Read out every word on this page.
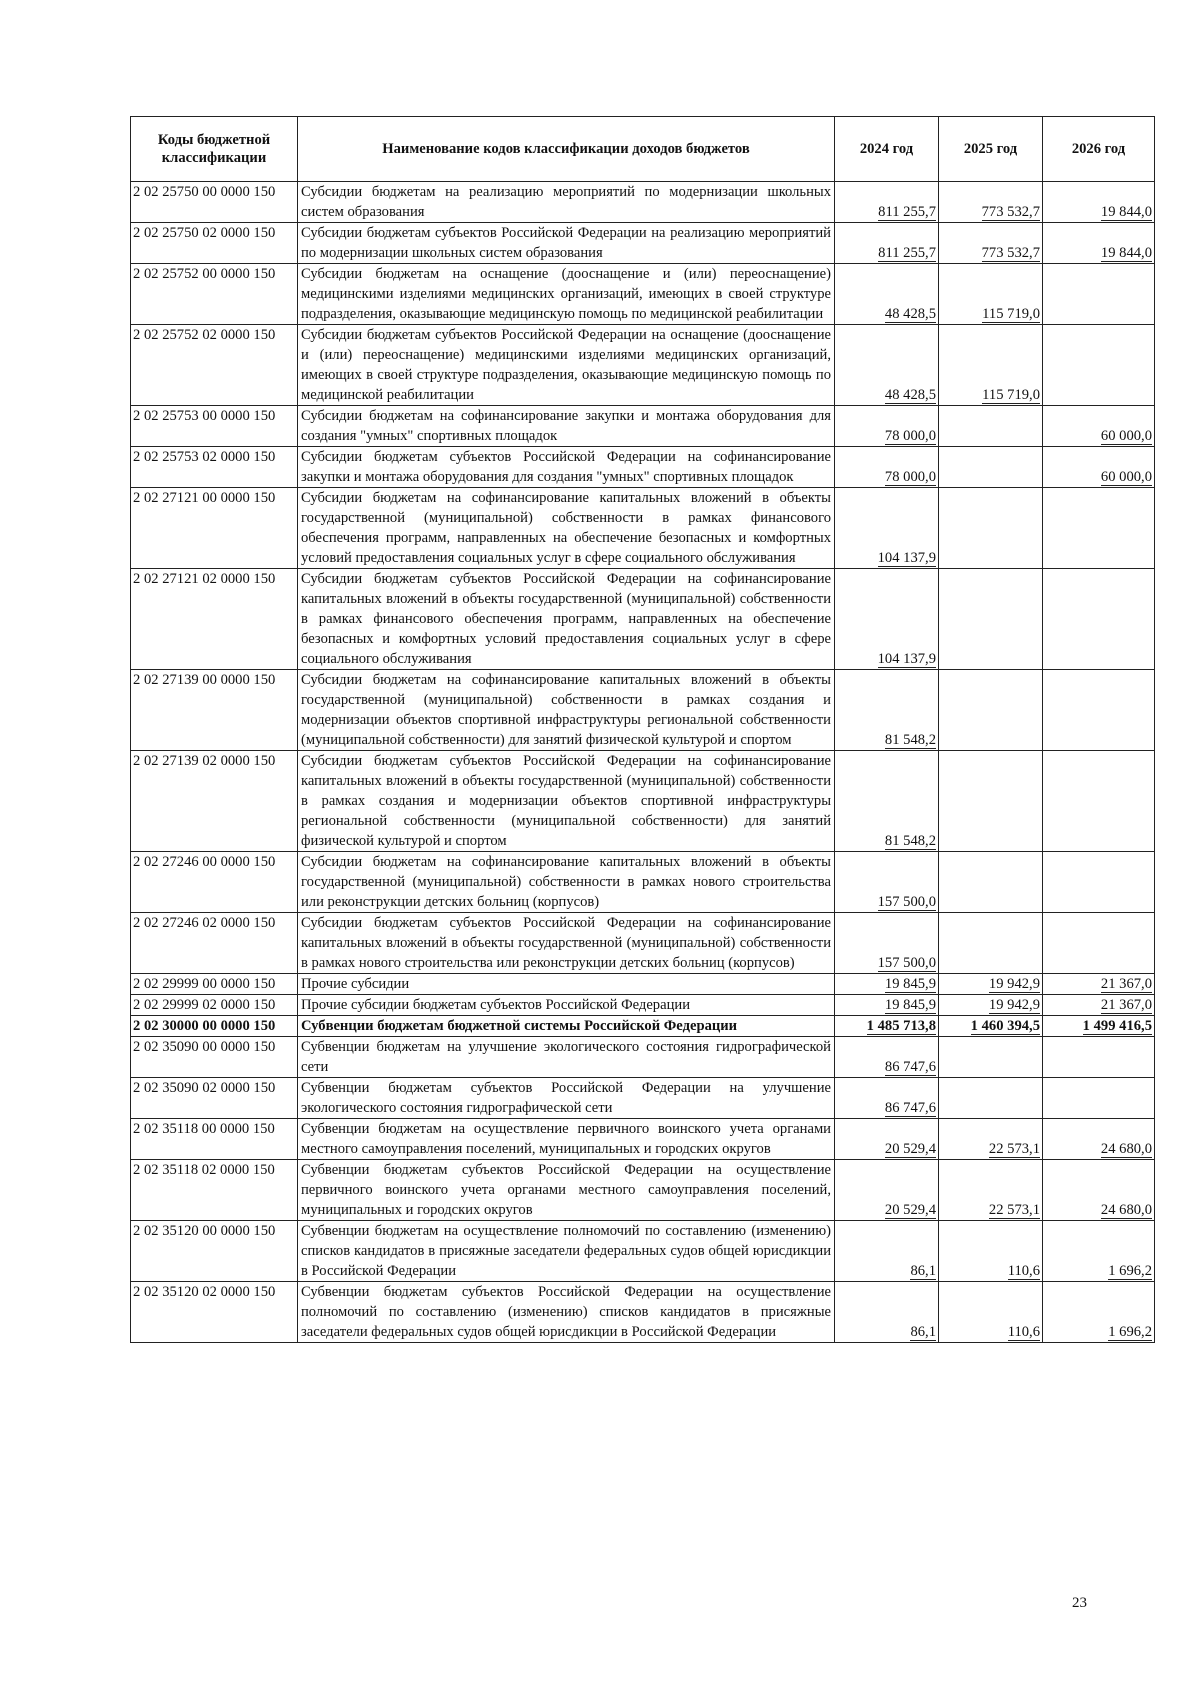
Коды бюджетной классификации	Наименование кодов классификации доходов бюджетов	2024 год	2025 год	2026 год
2 02 25750 00 0000 150	Субсидии бюджетам на реализацию мероприятий по модернизации школьных систем образования	811 255,7	773 532,7	19 844,0
2 02 25750 02 0000 150	Субсидии бюджетам субъектов Российской Федерации на реализацию мероприятий по модернизации школьных систем образования	811 255,7	773 532,7	19 844,0
2 02 25752 00 0000 150	Субсидии бюджетам на оснащение (дооснащение и (или) переоснащение) медицинскими изделиями медицинских организаций, имеющих в своей структуре подразделения, оказывающие медицинскую помощь по медицинской реабилитации	48 428,5	115 719,0	
2 02 25752 02 0000 150	Субсидии бюджетам субъектов Российской Федерации на оснащение (дооснащение и (или) переоснащение) медицинскими изделиями медицинских организаций, имеющих в своей структуре подразделения, оказывающие медицинскую помощь по медицинской реабилитации	48 428,5	115 719,0	
2 02 25753 00 0000 150	Субсидии бюджетам на софинансирование закупки и монтажа оборудования для создания "умных" спортивных площадок	78 000,0		60 000,0
2 02 25753 02 0000 150	Субсидии бюджетам субъектов Российской Федерации на софинансирование закупки и монтажа оборудования для создания "умных" спортивных площадок	78 000,0		60 000,0
2 02 27121 00 0000 150	Субсидии бюджетам на софинансирование капитальных вложений в объекты государственной (муниципальной) собственности в рамках финансового обеспечения программ, направленных на обеспечение безопасных и комфортных условий предоставления социальных услуг в сфере социального обслуживания	104 137,9		
2 02 27121 02 0000 150	Субсидии бюджетам субъектов Российской Федерации на софинансирование капитальных вложений в объекты государственной (муниципальной) собственности в рамках финансового обеспечения программ, направленных на обеспечение безопасных и комфортных условий предоставления социальных услуг в сфере социального обслуживания	104 137,9		
2 02 27139 00 0000 150	Субсидии бюджетам на софинансирование капитальных вложений в объекты государственной (муниципальной) собственности в рамках создания и модернизации объектов спортивной инфраструктуры региональной собственности (муниципальной собственности) для занятий физической культурой и спортом	81 548,2		
2 02 27139 02 0000 150	Субсидии бюджетам субъектов Российской Федерации на софинансирование капитальных вложений в объекты государственной (муниципальной) собственности в рамках создания и модернизации объектов спортивной инфраструктуры региональной собственности (муниципальной собственности) для занятий физической культурой и спортом	81 548,2		
2 02 27246 00 0000 150	Субсидии бюджетам на софинансирование капитальных вложений в объекты государственной (муниципальной) собственности в рамках нового строительства или реконструкции детских больниц (корпусов)	157 500,0		
2 02 27246 02 0000 150	Субсидии бюджетам субъектов Российской Федерации на софинансирование капитальных вложений в объекты государственной (муниципальной) собственности в рамках нового строительства или реконструкции детских больниц (корпусов)	157 500,0		
2 02 29999 00 0000 150	Прочие субсидии	19 845,9	19 942,9	21 367,0
2 02 29999 02 0000 150	Прочие субсидии бюджетам субъектов Российской Федерации	19 845,9	19 942,9	21 367,0
2 02 30000 00 0000 150	Субвенции бюджетам бюджетной системы Российской Федерации	1 485 713,8	1 460 394,5	1 499 416,5
2 02 35090 00 0000 150	Субвенции бюджетам на улучшение экологического состояния гидрографической сети	86 747,6		
2 02 35090 02 0000 150	Субвенции бюджетам субъектов Российской Федерации на улучшение экологического состояния гидрографической сети	86 747,6		
2 02 35118 00 0000 150	Субвенции бюджетам на осуществление первичного воинского учета органами местного самоуправления поселений, муниципальных и городских округов	20 529,4	22 573,1	24 680,0
2 02 35118 02 0000 150	Субвенции бюджетам субъектов Российской Федерации на осуществление первичного воинского учета органами местного самоуправления поселений, муниципальных и городских округов	20 529,4	22 573,1	24 680,0
2 02 35120 00 0000 150	Субвенции бюджетам на осуществление полномочий по составлению (изменению) списков кандидатов в присяжные заседатели федеральных судов общей юрисдикции в Российской Федерации	86,1	110,6	1 696,2
2 02 35120 02 0000 150	Субвенции бюджетам субъектов Российской Федерации на осуществление полномочий по составлению (изменению) списков кандидатов в присяжные заседатели федеральных судов общей юрисдикции в Российской Федерации	86,1	110,6	1 696,2
23
